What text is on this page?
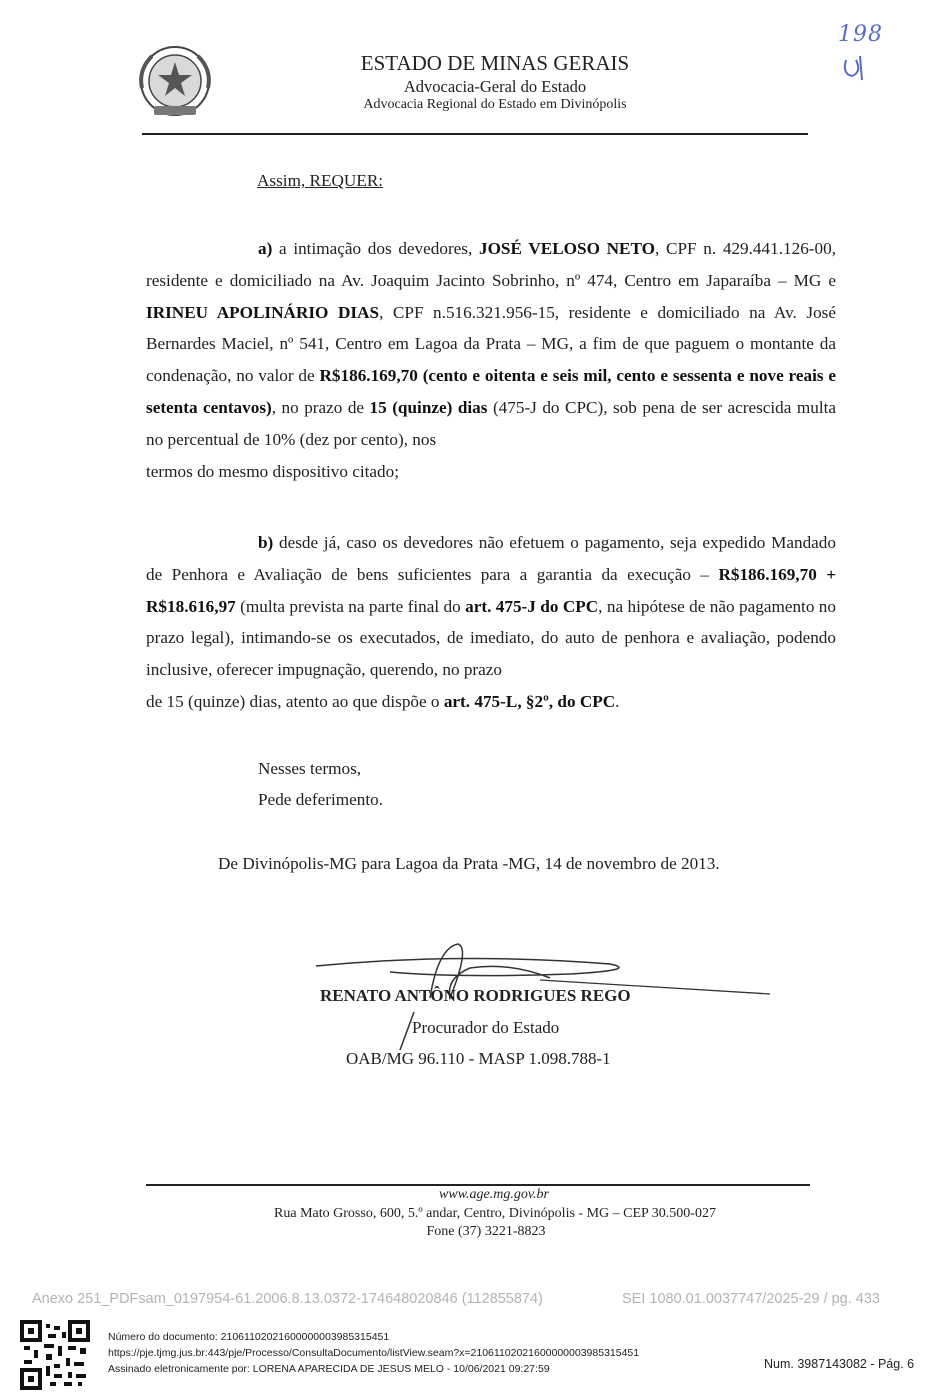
ESTADO DE MINAS GERAIS
Advocacia-Geral do Estado
Advocacia Regional do Estado em Divinópolis
198
Assim, REQUER:
a) a intimação dos devedores, JOSÉ VELOSO NETO, CPF n. 429.441.126-00, residente e domiciliado na Av. Joaquim Jacinto Sobrinho, nº 474, Centro em Japaraíba – MG e IRINEU APOLINÁRIO DIAS, CPF n.516.321.956-15, residente e domiciliado na Av. José Bernardes Maciel, nº 541, Centro em Lagoa da Prata – MG, a fim de que paguem o montante da condenação, no valor de R$186.169,70 (cento e oitenta e seis mil, cento e sessenta e nove reais e setenta centavos), no prazo de 15 (quinze) dias (475-J do CPC), sob pena de ser acrescida multa no percentual de 10% (dez por cento), nos
termos do mesmo dispositivo citado;
b) desde já, caso os devedores não efetuem o pagamento, seja expedido Mandado de Penhora e Avaliação de bens suficientes para a garantia da execução – R$186.169,70 + R$18.616,97 (multa prevista na parte final do art. 475-J do CPC, na hipótese de não pagamento no prazo legal), intimando-se os executados, de imediato, do auto de penhora e avaliação, podendo inclusive, oferecer impugnação, querendo, no prazo
de 15 (quinze) dias, atento ao que dispõe o art. 475-L, §2º, do CPC.
Nesses termos,
Pede deferimento.
De Divinópolis-MG para Lagoa da Prata -MG, 14 de novembro de 2013.
RENATO ANTÔNO RODRIGUES REGO
Procurador do Estado
OAB/MG 96.110 - MASP 1.098.788-1
www.age.mg.gov.br
Rua Mato Grosso, 600, 5.º andar, Centro, Divinópolis - MG – CEP 30.500-027
Fone (37) 3221-8823
Anexo 251_PDFsam_0197954-61.2006.8.13.0372-174648020846 (112855874)	SEI 1080.01.0037747/2025-29 / pg. 433
Número do documento: 21061102021600000003985315451
https://pje.tjmg.jus.br:443/pje/Processo/ConsultaDocumento/listView.seam?x=21061102021600000003985315451
Assinado eletronicamente por: LORENA APARECIDA DE JESUS MELO - 10/06/2021 09:27:59	Num. 3987143082 - Pág. 6
